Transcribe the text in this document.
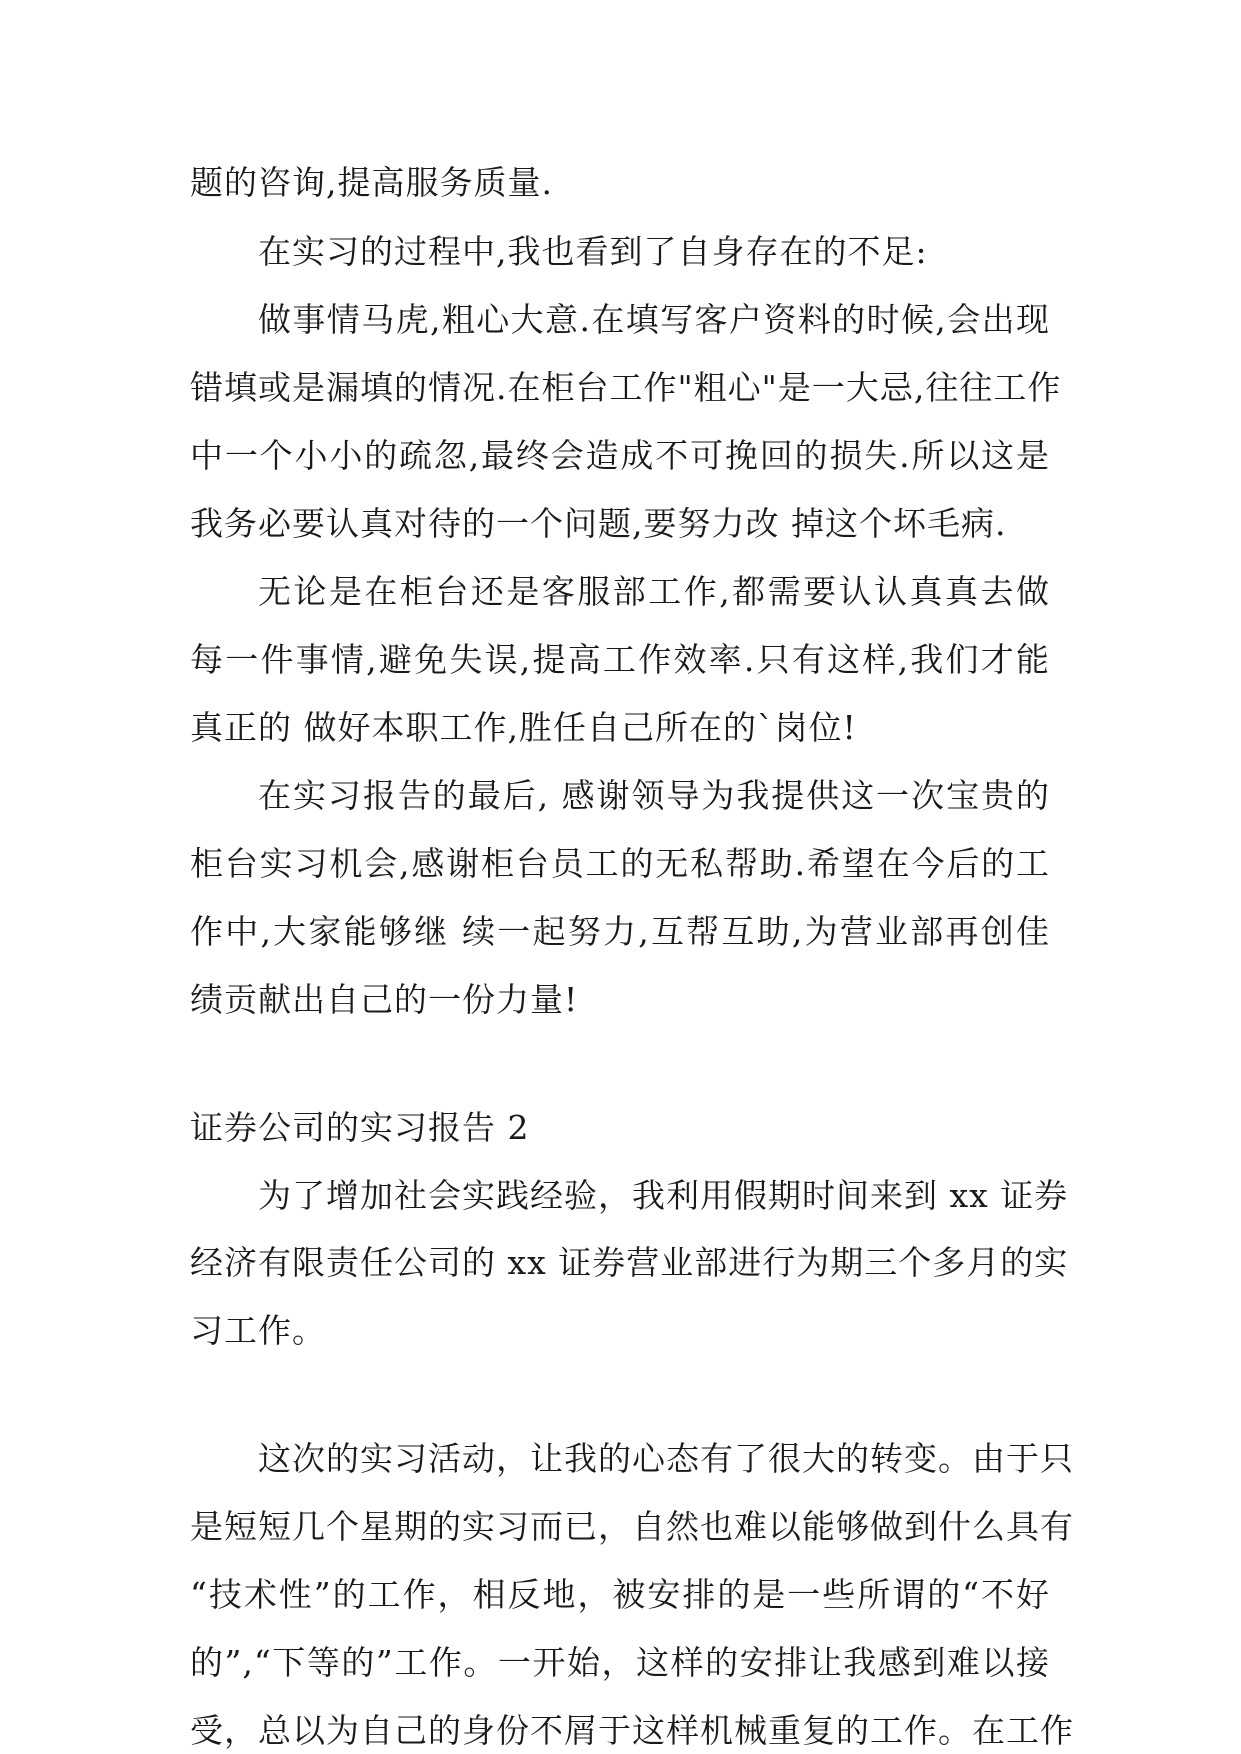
题的咨询,提高服务质量.
在实习的过程中,我也看到了自身存在的不足:
做事情马虎,粗心大意.在填写客户资料的时候,会出现
错填或是漏填的情况.在柜台工作"粗心"是一大忌,往往工作
中一个小小的疏忽,最终会造成不可挽回的损失.所以这是
我务必要认真对待的一个问题,要努力改 掉这个坏毛病.
无论是在柜台还是客服部工作,都需要认认真真去做
每一件事情,避免失误,提高工作效率.只有这样,我们才能
真正的 做好本职工作,胜任自己所在的`岗位!
在实习报告的最后, 感谢领导为我提供这一次宝贵的
柜台实习机会,感谢柜台员工的无私帮助.希望在今后的工
作中,大家能够继 续一起努力,互帮互助,为营业部再创佳
绩贡献出自己的一份力量!
证券公司的实习报告 2
为了增加社会实践经验，我利用假期时间来到 xx 证券
经济有限责任公司的 xx 证券营业部进行为期三个多月的实
习工作。
这次的实习活动，让我的心态有了很大的转变。由于只
是短短几个星期的实习而已，自然也难以能够做到什么具有
“技术性”的工作，相反地，被安排的是一些所谓的“不好
的”,“下等的”工作。一开始，这样的安排让我感到难以接
受，总以为自己的身份不屑于这样机械重复的工作。在工作
